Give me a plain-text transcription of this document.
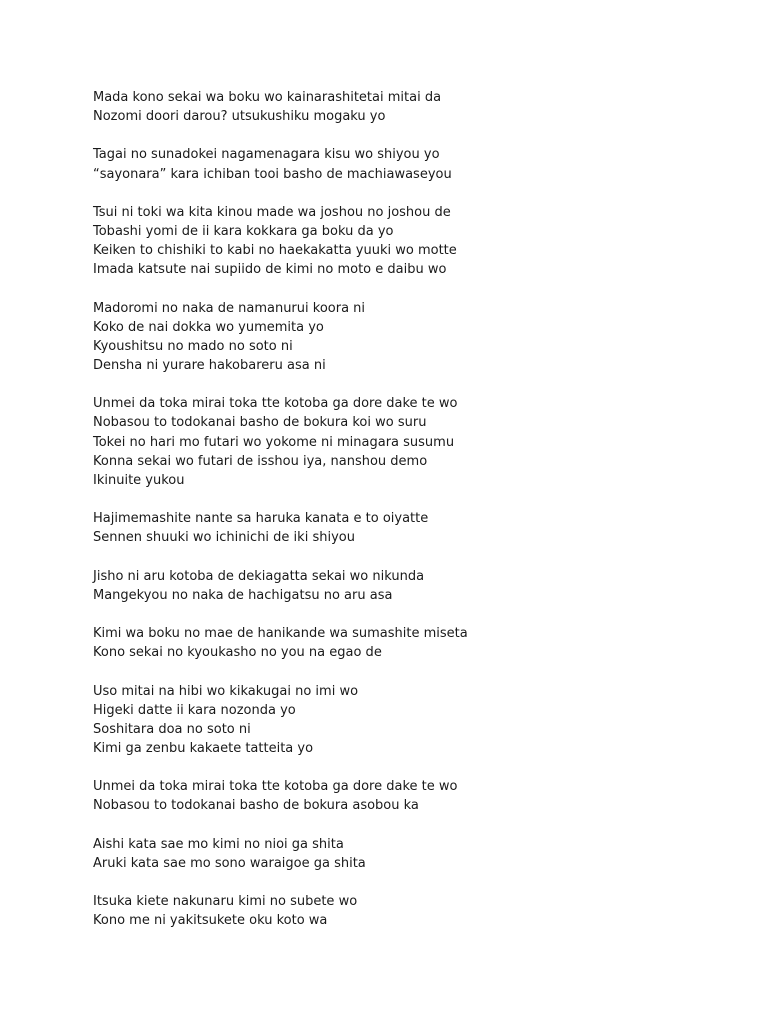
Mada kono sekai wa boku wo kainarashitetai mitai da
Nozomi doori darou? utsukushiku mogaku yo
Tagai no sunadokei nagamenagara kisu wo shiyou yo
“sayonara” kara ichiban tooi basho de machiawaseyou
Tsui ni toki wa kita kinou made wa joshou no joshou de
Tobashi yomi de ii kara kokkara ga boku da yo
Keiken to chishiki to kabi no haekakatta yuuki wo motte
Imada katsute nai supiido de kimi no moto e daibu wo
Madoromi no naka de namanurui koora ni
Koko de nai dokka wo yumemita yo
Kyoushitsu no mado no soto ni
Densha ni yurare hakobareru asa ni
Unmei da toka mirai toka tte kotoba ga dore dake te wo
Nobasou to todokanai basho de bokura koi wo suru
Tokei no hari mo futari wo yokome ni minagara susumu
Konna sekai wo futari de isshou iya, nanshou demo
Ikinuite yukou
Hajimemashite nante sa haruka kanata e to oiyatte
Sennen shuuki wo ichinichi de iki shiyou
Jisho ni aru kotoba de dekiagatta sekai wo nikunda
Mangekyou no naka de hachigatsu no aru asa
Kimi wa boku no mae de hanikande wa sumashite miseta
Kono sekai no kyoukasho no you na egao de
Uso mitai na hibi wo kikakugai no imi wo
Higeki datte ii kara nozonda yo
Soshitara doa no soto ni
Kimi ga zenbu kakaete tatteita yo
Unmei da toka mirai toka tte kotoba ga dore dake te wo
Nobasou to todokanai basho de bokura asobou ka
Aishi kata sae mo kimi no nioi ga shita
Aruki kata sae mo sono waraigoe ga shita
Itsuka kiete nakunaru kimi no subete wo
Kono me ni yakitsukete oku koto wa
